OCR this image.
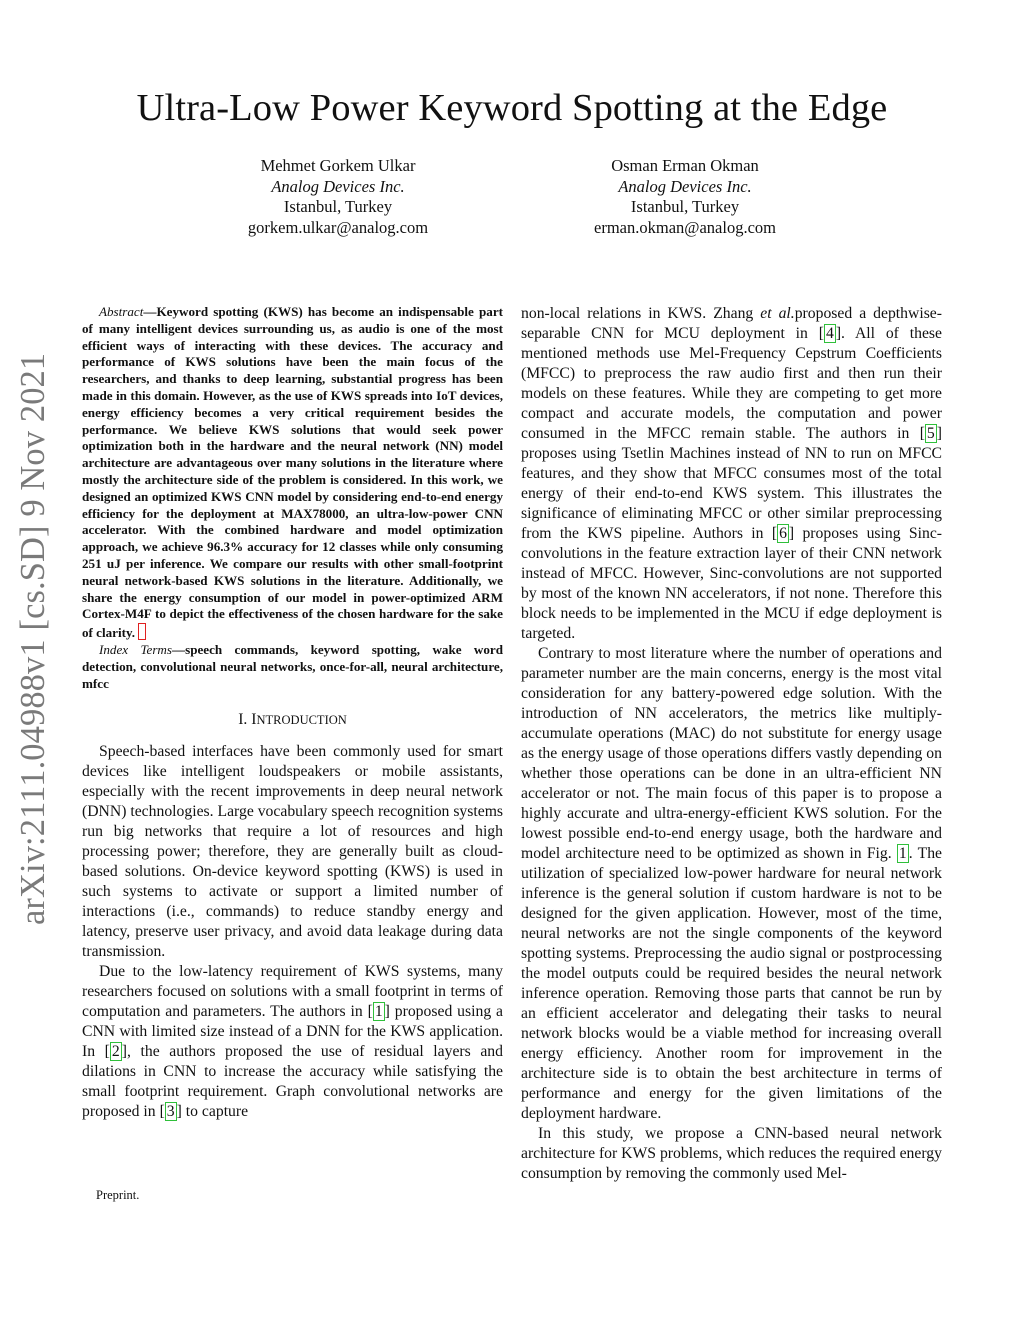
arXiv:2111.04988v1 [cs.SD] 9 Nov 2021
Ultra-Low Power Keyword Spotting at the Edge
Mehmet Gorkem Ulkar
Analog Devices Inc.
Istanbul, Turkey
gorkem.ulkar@analog.com
Osman Erman Okman
Analog Devices Inc.
Istanbul, Turkey
erman.okman@analog.com

Abstract—Keyword spotting (KWS) has become an indispensable part of many intelligent devices surrounding us, as audio is one of the most efficient ways of interacting with these devices. The accuracy and performance of KWS solutions have been the main focus of the researchers, and thanks to deep learning, substantial progress has been made in this domain. However, as the use of KWS spreads into IoT devices, energy efficiency becomes a very critical requirement besides the performance. We believe KWS solutions that would seek power optimization both in the hardware and the neural network (NN) model architecture are advantageous over many solutions in the literature where mostly the architecture side of the problem is considered. In this work, we designed an optimized KWS CNN model by considering end-to-end energy efficiency for the deployment at MAX78000, an ultra-low-power CNN accelerator. With the combined hardware and model optimization approach, we achieve 96.3% accuracy for 12 classes while only consuming 251 uJ per inference. We compare our results with other small-footprint neural network-based KWS solutions in the literature. Additionally, we share the energy consumption of our model in power-optimized ARM Cortex-M4F to depict the effectiveness of the chosen hardware for the sake of clarity.

Index Terms—speech commands, keyword spotting, wake word detection, convolutional neural networks, once-for-all, neural architecture, mfcc

I. INTRODUCTION

Speech-based interfaces have been commonly used for smart devices like intelligent loudspeakers or mobile assistants, especially with the recent improvements in deep neural network (DNN) technologies. Large vocabulary speech recognition systems run big networks that require a lot of resources and high processing power; therefore, they are generally built as cloud-based solutions. On-device keyword spotting (KWS) is used in such systems to activate or support a limited number of interactions (i.e., commands) to reduce standby energy and latency, preserve user privacy, and avoid data leakage during data transmission.

Due to the low-latency requirement of KWS systems, many researchers focused on solutions with a small footprint in terms of computation and parameters. The authors in [ 1 ] proposed using a CNN with limited size instead of a DNN for the KWS application. In [ 2 ], the authors proposed the use of residual layers and dilations in CNN to increase the accuracy while satisfying the small footprint requirement. Graph convolutional networks are proposed in [ 3 ] to capture

non-local relations in KWS. Zhang et al.proposed a depthwise-separable CNN for MCU deployment in [ 4 ]. All of these mentioned methods use Mel-Frequency Cepstrum Coefficients (MFCC) to preprocess the raw audio first and then run their models on these features. While they are competing to get more compact and accurate models, the computation and power consumed in the MFCC remain stable. The authors in [ 5 ] proposes using Tsetlin Machines instead of NN to run on MFCC features, and they show that MFCC consumes most of the total energy of their end-to-end KWS system. This illustrates the significance of eliminating MFCC or other similar preprocessing from the KWS pipeline. Authors in [ 6 ] proposes using Sinc-convolutions in the feature extraction layer of their CNN network instead of MFCC. However, Sinc-convolutions are not supported by most of the known NN accelerators, if not none. Therefore this block needs to be implemented in the MCU if edge deployment is targeted.

Contrary to most literature where the number of operations and parameter number are the main concerns, energy is the most vital consideration for any battery-powered edge solution. With the introduction of NN accelerators, the metrics like multiply-accumulate operations (MAC) do not substitute for energy usage as the energy usage of those operations differs vastly depending on whether those operations can be done in an ultra-efficient NN accelerator or not. The main focus of this paper is to propose a highly accurate and ultra-energy-efficient KWS solution. For the lowest possible end-to-end energy usage, both the hardware and model architecture need to be optimized as shown in Fig. 1 . The utilization of specialized low-power hardware for neural network inference is the general solution if custom hardware is not to be designed for the given application. However, most of the time, neural networks are not the single components of the keyword spotting systems. Preprocessing the audio signal or postprocessing the model outputs could be required besides the neural network inference operation. Removing those parts that cannot be run by an efficient accelerator and delegating their tasks to neural network blocks would be a viable method for increasing overall energy efficiency. Another room for improvement in the architecture side is to obtain the best architecture in terms of performance and energy for the given limitations of the deployment hardware.

In this study, we propose a CNN-based neural network architecture for KWS problems, which reduces the required energy consumption by removing the commonly used Mel-

Preprint.
